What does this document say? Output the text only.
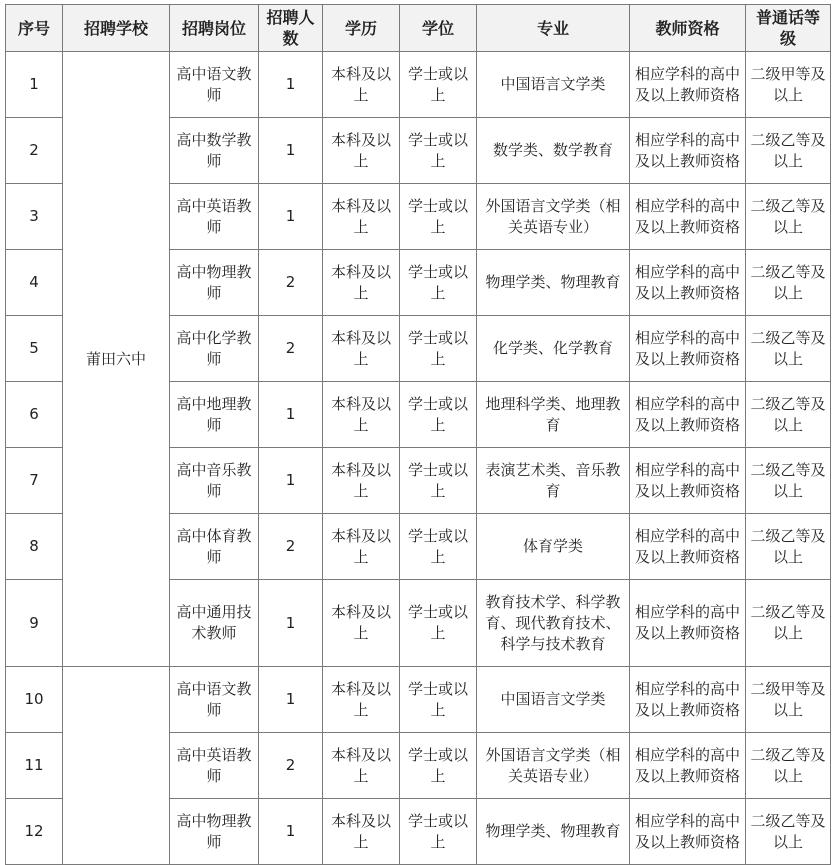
序号	招聘学校	招聘岗位	招聘人数	学历	学位	专业	教师资格	普通话等级
1	莆田六中	高中语文教师	1	本科及以上	学士或以上	中国语言文学类	相应学科的高中及以上教师资格	二级甲等及以上
2		高中数学教师	1	本科及以上	学士或以上	数学类、数学教育	相应学科的高中及以上教师资格	二级乙等及以上
3		高中英语教师	1	本科及以上	学士或以上	外国语言文学类（相关英语专业）	相应学科的高中及以上教师资格	二级乙等及以上
4		高中物理教师	2	本科及以上	学士或以上	物理学类、物理教育	相应学科的高中及以上教师资格	二级乙等及以上
5		高中化学教师	2	本科及以上	学士或以上	化学类、化学教育	相应学科的高中及以上教师资格	二级乙等及以上
6		高中地理教师	1	本科及以上	学士或以上	地理科学类、地理教育	相应学科的高中及以上教师资格	二级乙等及以上
7		高中音乐教师	1	本科及以上	学士或以上	表演艺术类、音乐教育	相应学科的高中及以上教师资格	二级乙等及以上
8		高中体育教师	2	本科及以上	学士或以上	体育学类	相应学科的高中及以上教师资格	二级乙等及以上
9		高中通用技术教师	1	本科及以上	学士或以上	教育技术学、科学教育、现代教育技术、科学与技术教育	相应学科的高中及以上教师资格	二级乙等及以上
10		高中语文教师	1	本科及以上	学士或以上	中国语言文学类	相应学科的高中及以上教师资格	二级甲等及以上
11		高中英语教师	2	本科及以上	学士或以上	外国语言文学类（相关英语专业）	相应学科的高中及以上教师资格	二级乙等及以上
12		高中物理教师	1	本科及以上	学士或以上	物理学类、物理教育	相应学科的高中及以上教师资格	二级乙等及以上
